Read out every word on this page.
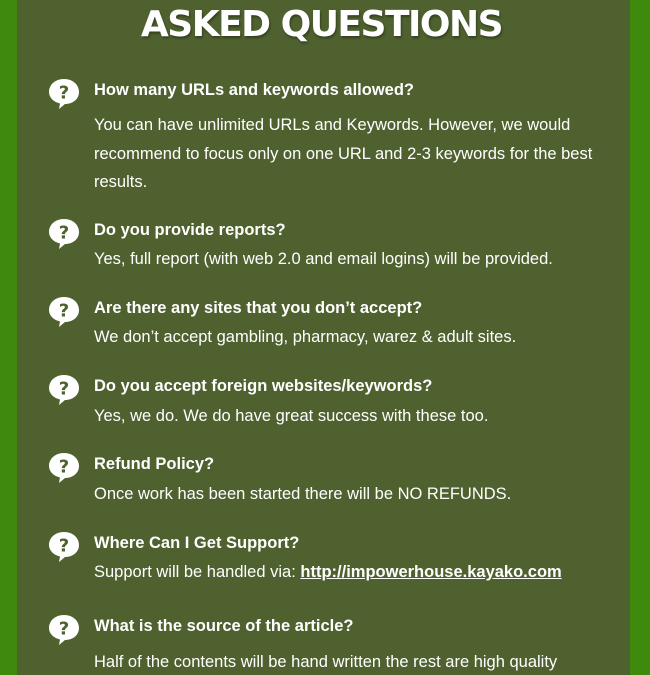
ASKED QUESTIONS
? How many URLs and keywords allowed?

You can have unlimited URLs and Keywords. However, we would recommend to focus only on one URL and 2-3 keywords for the best results.

? Do you provide reports?

Yes, full report (with web 2.0 and email logins) will be provided.

? Are there any sites that you don’t accept?

We don’t accept gambling, pharmacy, warez & adult sites.

? Do you accept foreign websites/keywords?

Yes, we do. We do have great success with these too.

? Refund Policy?

Once work has been started there will be NO REFUNDS.

? Where Can I Get Support?

Support will be handled via: http://impowerhouse.kayako.com

? What is the source of the article?

Half of the contents will be hand written the rest are high quality
